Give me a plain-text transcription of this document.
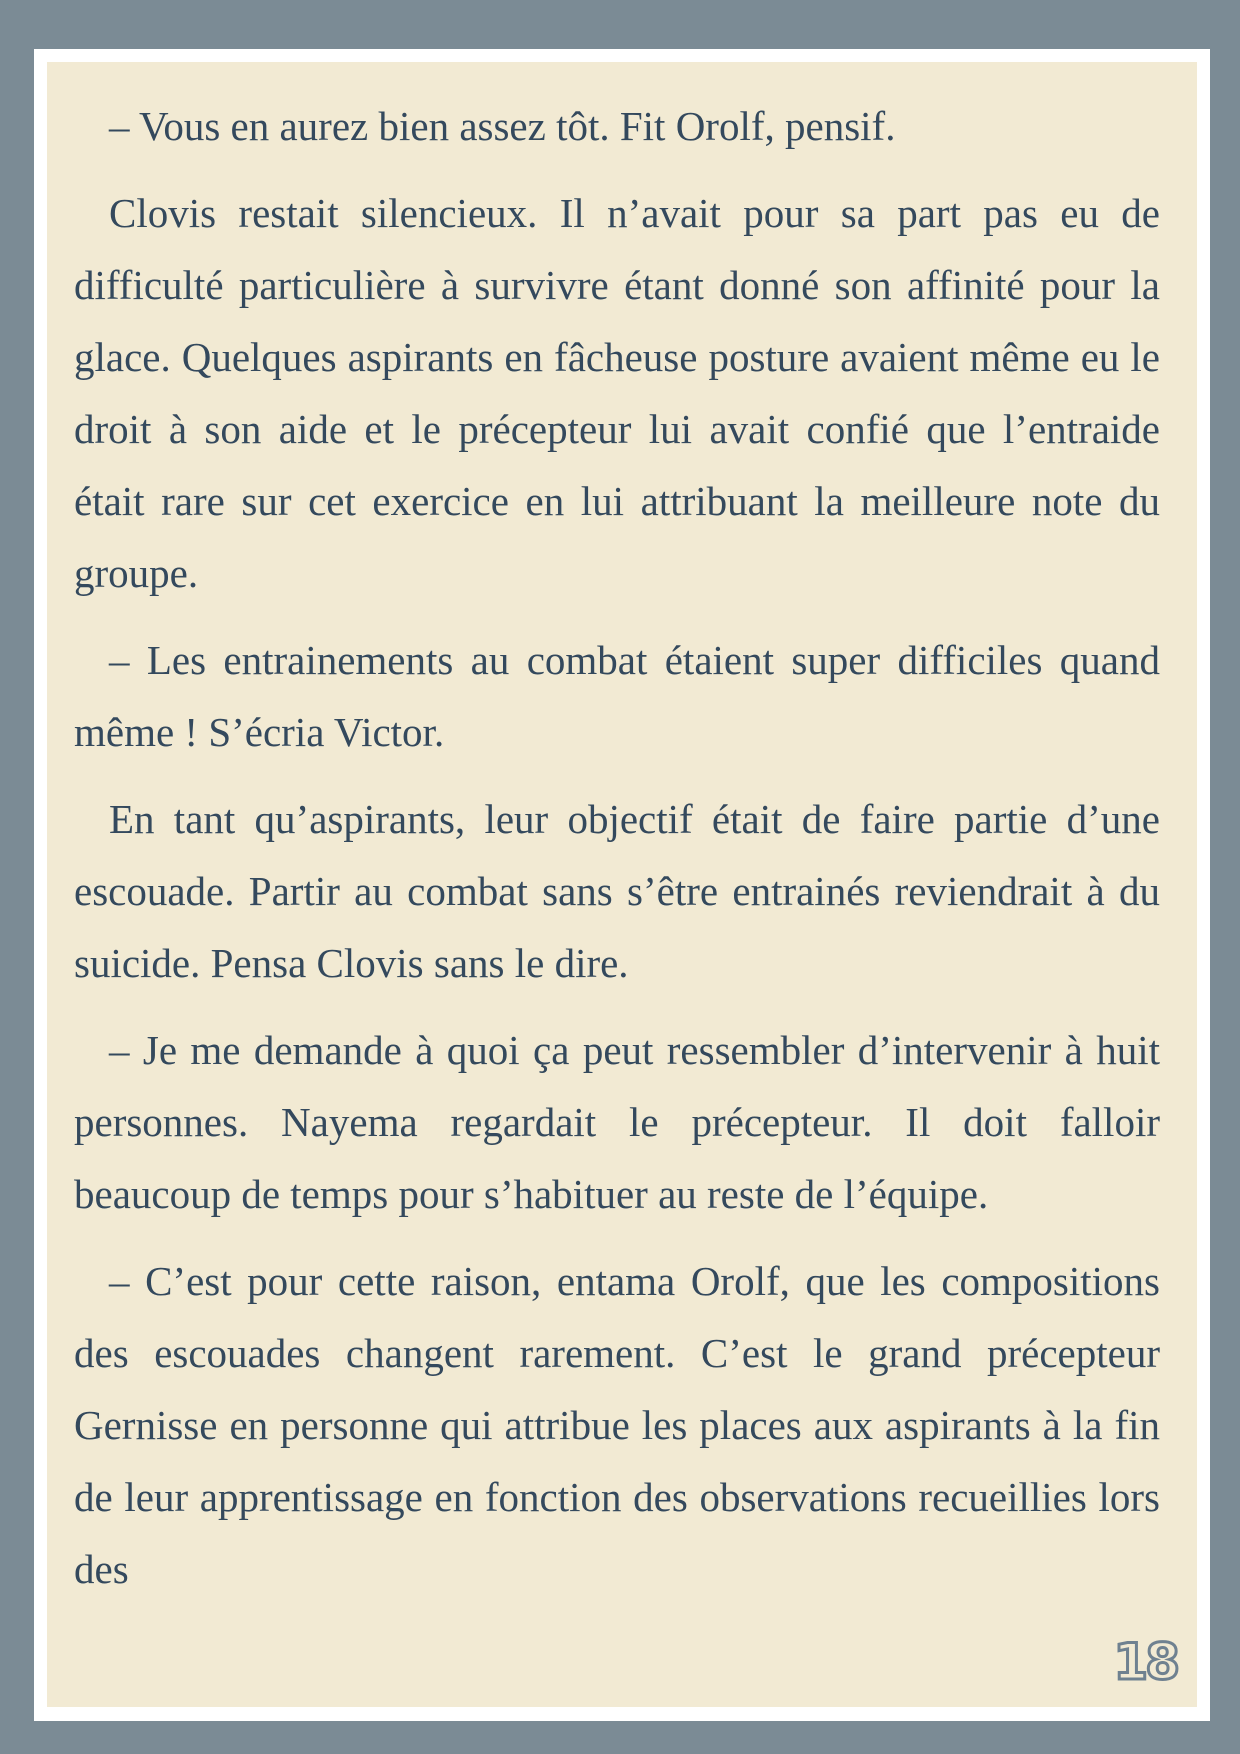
– Vous en aurez bien assez tôt. Fit Orolf, pensif.

Clovis restait silencieux. Il n’avait pour sa part pas eu de difficulté particulière à survivre étant donné son affinité pour la glace. Quelques aspirants en fâcheuse posture avaient même eu le droit à son aide et le précepteur lui avait confié que l’entraide était rare sur cet exercice en lui attribuant la meilleure note du groupe.

– Les entrainements au combat étaient super difficiles quand même ! S’écria Victor.

En tant qu’aspirants, leur objectif était de faire partie d’une escouade. Partir au combat sans s’être entrainés reviendrait à du suicide. Pensa Clovis sans le dire.

– Je me demande à quoi ça peut ressembler d’intervenir à huit personnes. Nayema regardait le précepteur. Il doit falloir beaucoup de temps pour s’habituer au reste de l’équipe.

– C’est pour cette raison, entama Orolf, que les compositions des escouades changent rarement. C’est le grand précepteur Gernisse en personne qui attribue les places aux aspirants à la fin de leur apprentissage en fonction des observations recueillies lors des

18
